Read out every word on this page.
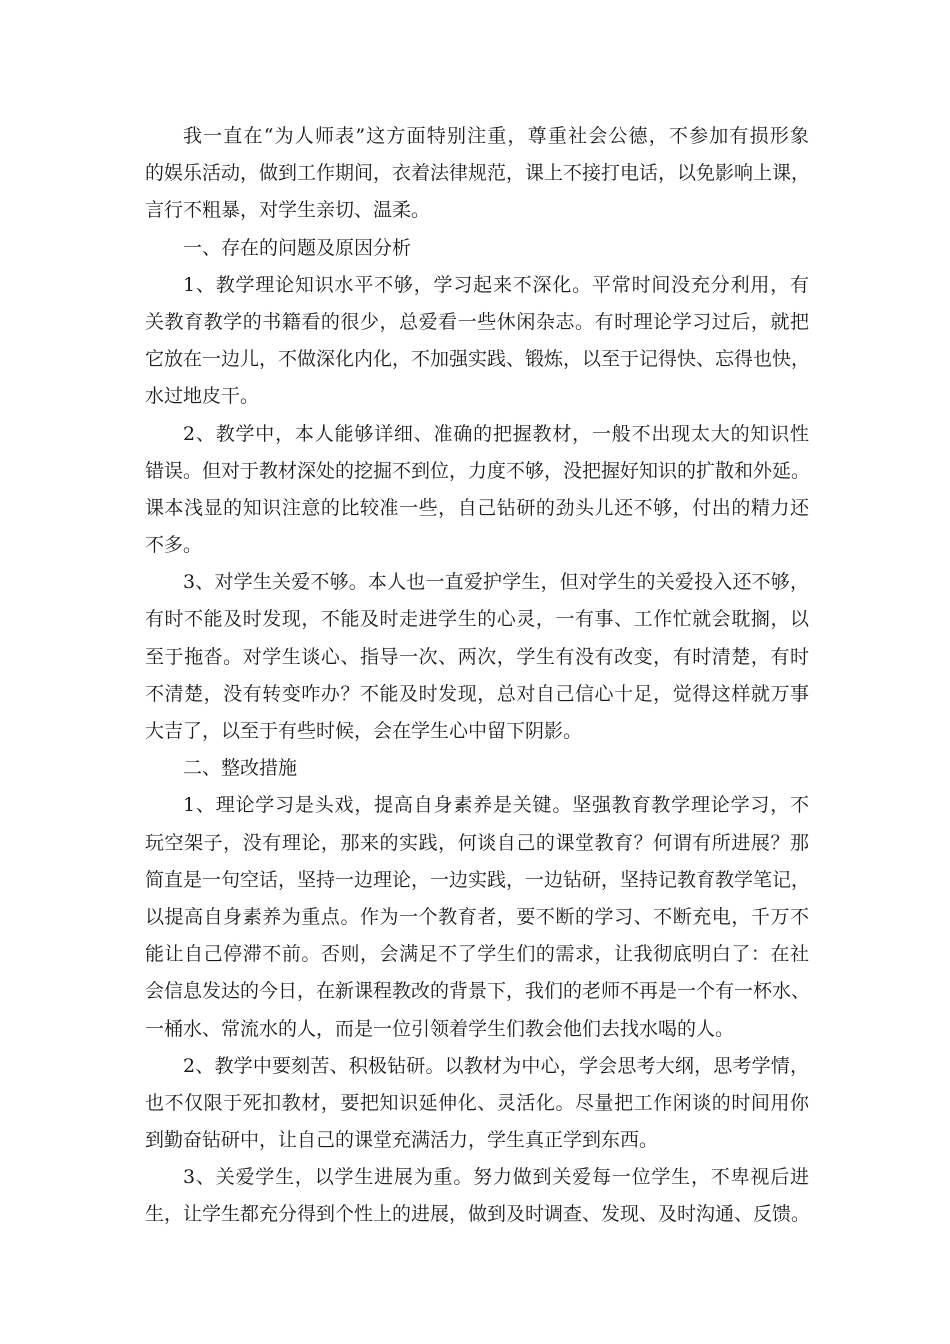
我一直在“为人师表”这方面特别注重，尊重社会公德，不参加有损形象
的娱乐活动，做到工作期间，衣着法律规范，课上不接打电话，以免影响上课，
言行不粗暴，对学生亲切、温柔。
一、存在的问题及原因分析
1、教学理论知识水平不够，学习起来不深化。平常时间没充分利用，有
关教育教学的书籍看的很少，总爱看一些休闲杂志。有时理论学习过后，就把
它放在一边儿，不做深化内化，不加强实践、锻炼，以至于记得快、忘得也快，
水过地皮干。
2、教学中，本人能够详细、准确的把握教材，一般不出现太大的知识性
错误。但对于教材深处的挖掘不到位，力度不够，没把握好知识的扩散和外延。
课本浅显的知识注意的比较准一些，自己钻研的劲头儿还不够，付出的精力还
不多。
3、对学生关爱不够。本人也一直爱护学生，但对学生的关爱投入还不够，
有时不能及时发现，不能及时走进学生的心灵，一有事、工作忙就会耽搁，以
至于拖沓。对学生谈心、指导一次、两次，学生有没有改变，有时清楚，有时
不清楚，没有转变咋办？不能及时发现，总对自己信心十足，觉得这样就万事
大吉了，以至于有些时候，会在学生心中留下阴影。
二、整改措施
1、理论学习是头戏，提高自身素养是关键。坚强教育教学理论学习，不
玩空架子，没有理论，那来的实践，何谈自己的课堂教育？何谓有所进展？那
简直是一句空话，坚持一边理论，一边实践，一边钻研，坚持记教育教学笔记，
以提高自身素养为重点。作为一个教育者，要不断的学习、不断充电，千万不
能让自己停滞不前。否则，会满足不了学生们的需求，让我彻底明白了：在社
会信息发达的今日，在新课程教改的背景下，我们的老师不再是一个有一杯水、
一桶水、常流水的人，而是一位引领着学生们教会他们去找水喝的人。
2、教学中要刻苦、积极钻研。以教材为中心，学会思考大纲，思考学情，
也不仅限于死扣教材，要把知识延伸化、灵活化。尽量把工作闲谈的时间用你
到勤奋钻研中，让自己的课堂充满活力，学生真正学到东西。
3、关爱学生，以学生进展为重。努力做到关爱每一位学生，不卑视后进
生，让学生都充分得到个性上的进展，做到及时调查、发现、及时沟通、反馈。
